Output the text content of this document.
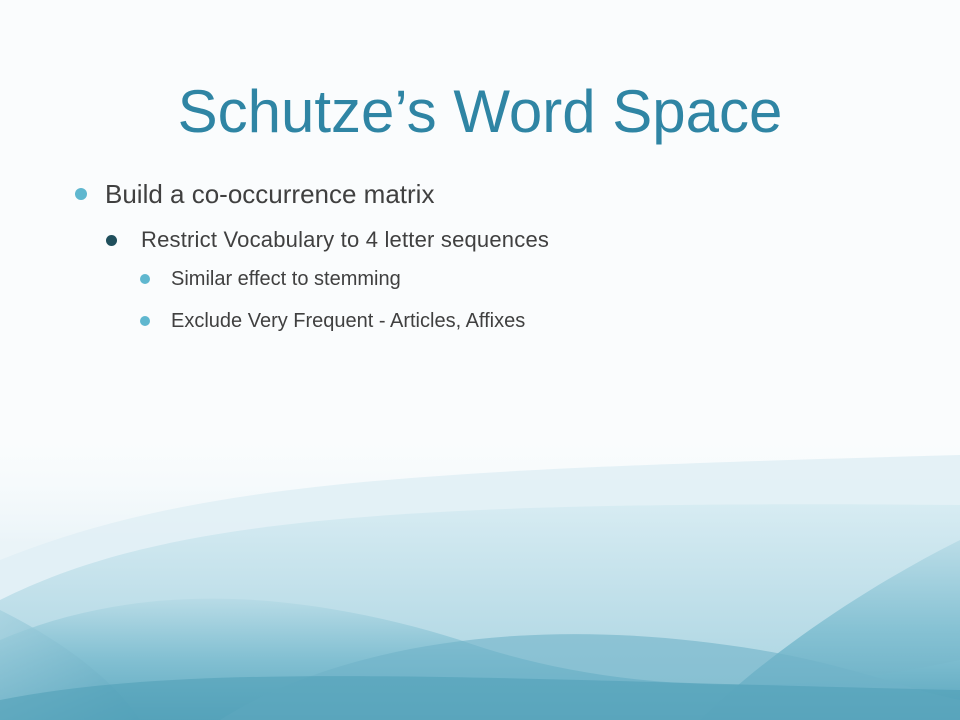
Schutze’s Word Space
Build a co-occurrence matrix
Restrict Vocabulary to 4 letter sequences
Similar effect to stemming
Exclude Very Frequent - Articles, Affixes
